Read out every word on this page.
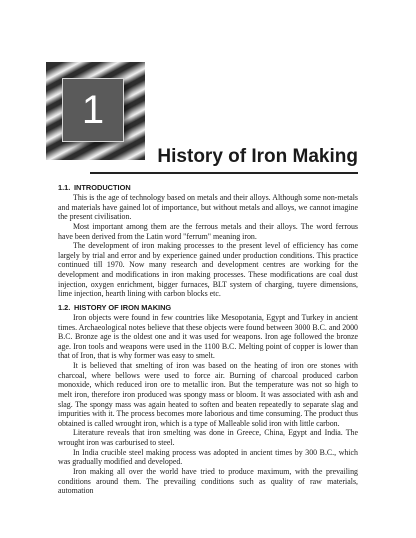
1
History of Iron Making
1.1. INTRODUCTION

This is the age of technology based on metals and their alloys. Although some non-metals and materials have gained lot of importance, but without metals and alloys, we cannot imagine the present civilisation.

Most important among them are the ferrous metals and their alloys. The word ferrous have been derived from the Latin word "ferrum" meaning iron.

The development of iron making processes to the present level of efficiency has come largely by trial and error and by experience gained under production conditions. This practice continued till 1970. Now many research and development centres are working for the development and modifications in iron making processes. These modifications are coal dust injection, oxygen enrichment, bigger furnaces, BLT system of charging, tuyere dimensions, lime injection, hearth lining with carbon blocks etc.

1.2. HISTORY OF IRON MAKING

Iron objects were found in few countries like Mesopotania, Egypt and Turkey in ancient times. Archaeological notes believe that these objects were found between 3000 B.C. and 2000 B.C. Bronze age is the oldest one and it was used for weapons. Iron age followed the bronze age. Iron tools and weapons were used in the 1100 B.C. Melting point of copper is lower than that of Iron, that is why former was easy to smelt.

It is believed that smelting of iron was based on the heating of iron ore stones with charcoal, where bellows were used to force air. Burning of charcoal produced carbon monoxide, which reduced iron ore to metallic iron. But the temperature was not so high to melt iron, therefore iron produced was spongy mass or bloom. It was associated with ash and slag. The spongy mass was again heated to soften and beaten repeatedly to separate slag and impurities with it. The process becomes more laborious and time consuming. The product thus obtained is called wrought iron, which is a type of Malleable solid iron with little carbon.

Literature reveals that iron smelting was done in Greece, China, Egypt and India. The wrought iron was carburised to steel.

In India crucible steel making process was adopted in ancient times by 300 B.C., which was gradually modified and developed.

Iron making all over the world have tried to produce maximum, with the prevailing conditions around them. The prevailing conditions such as quality of raw materials, automation
